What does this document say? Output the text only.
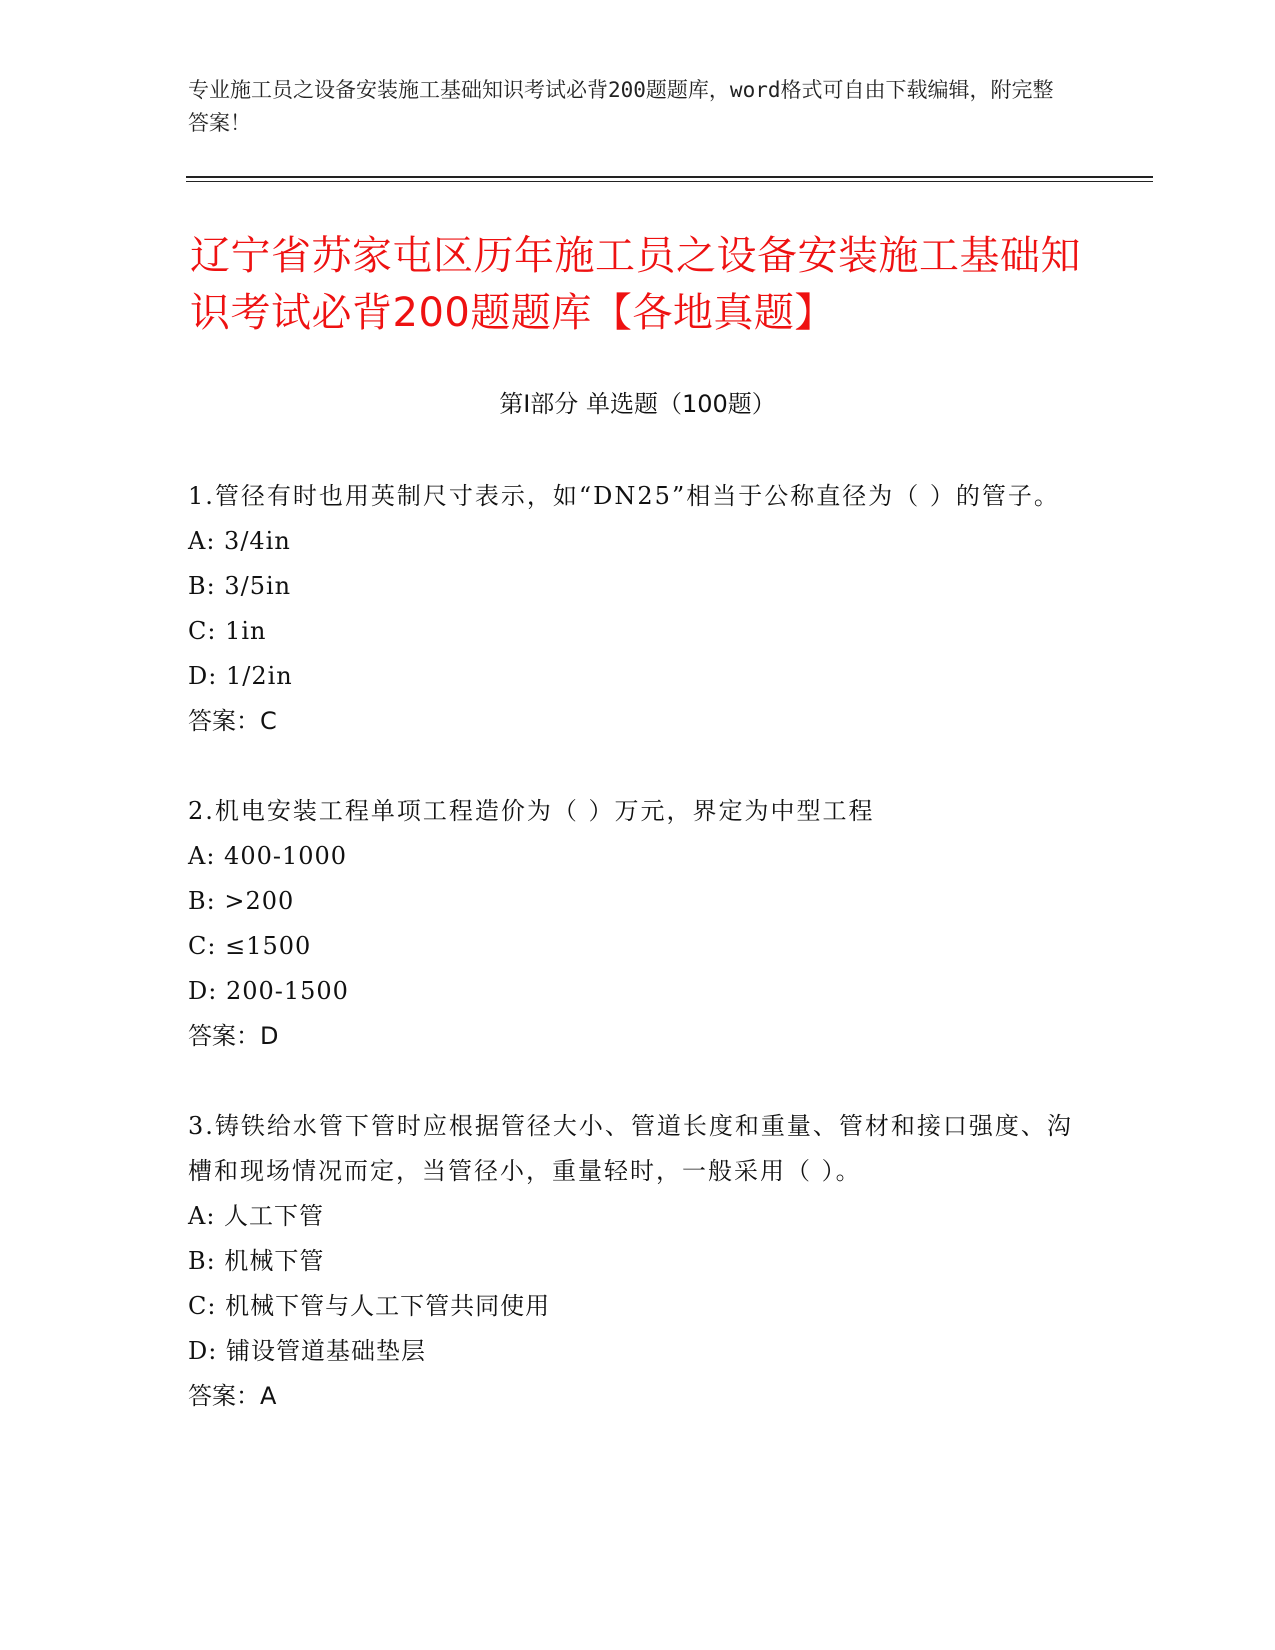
专业施工员之设备安装施工基础知识考试必背200题题库，word格式可自由下载编辑，附完整答案！
辽宁省苏家屯区历年施工员之设备安装施工基础知识考试必背200题题库【各地真题】
第Ⅰ部分 单选题（100题）
1.管径有时也用英制尺寸表示，如“DN25”相当于公称直径为（ ）的管子。
A: 3/4in
B: 3/5in
C: 1in
D: 1/2in
答案：C
2.机电安装工程单项工程造价为（ ）万元，界定为中型工程
A: 400-1000
B: >200
C: ≤1500
D: 200-1500
答案：D
3.铸铁给水管下管时应根据管径大小、管道长度和重量、管材和接口强度、沟槽和现场情况而定，当管径小，重量轻时，一般采用（ ）。
A: 人工下管
B: 机械下管
C: 机械下管与人工下管共同使用
D: 铺设管道基础垫层
答案：A
